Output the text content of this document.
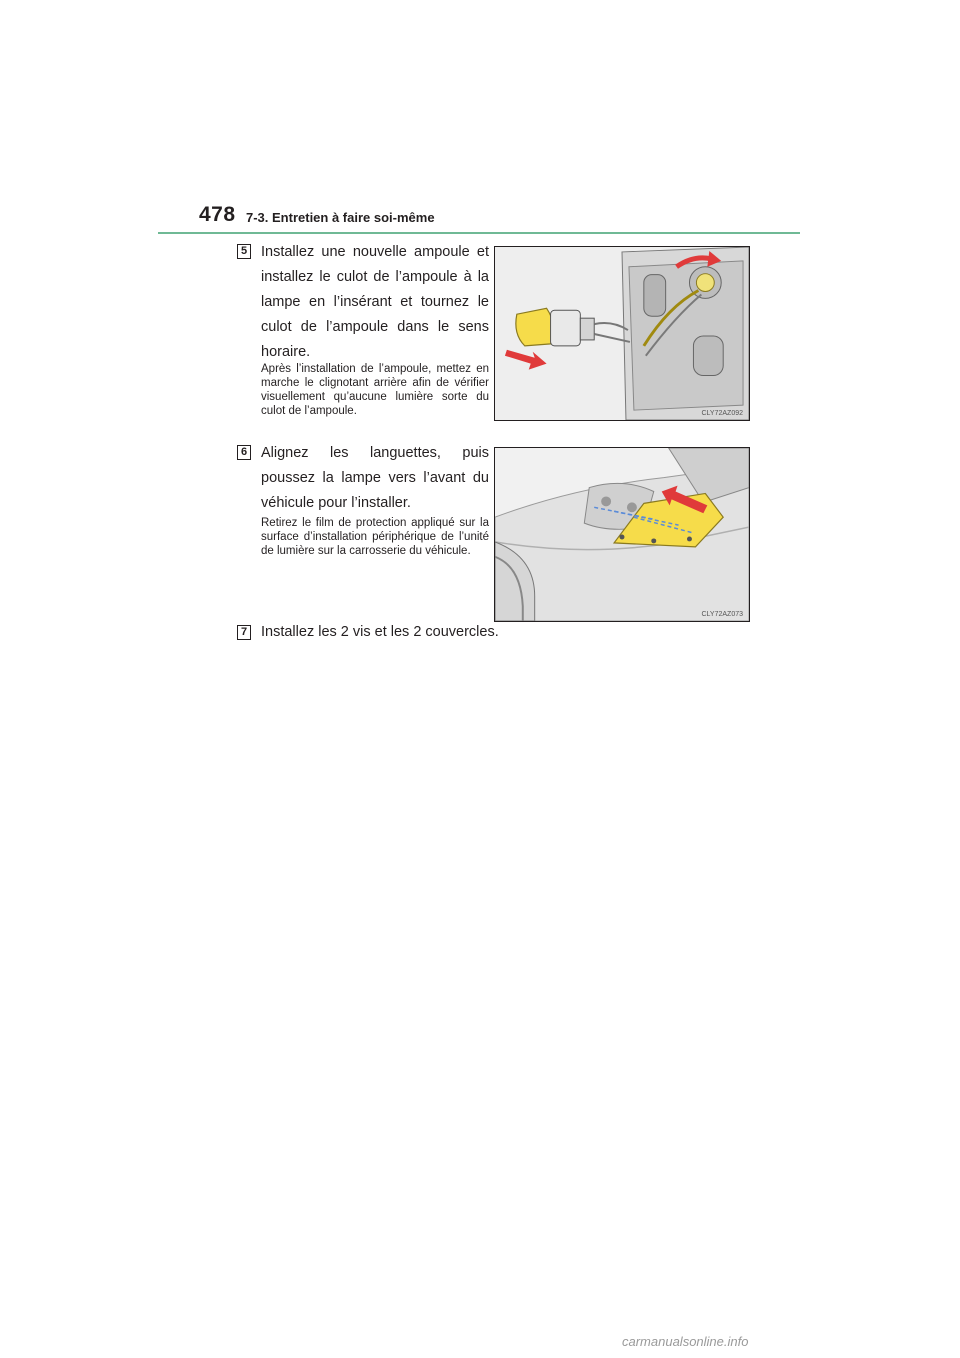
478 7-3. Entretien à faire soi-même
5 Installez une nouvelle ampoule et installez le culot de l’ampoule à la lampe en l’insérant et tournez le culot de l’ampoule dans le sens horaire.
Après l’installation de l’ampoule, mettez en marche le clignotant arrière afin de vérifier visuellement qu’aucune lumière sorte du culot de l’ampoule.	CLY72AZ092
6 Alignez les languettes, puis poussez la lampe vers l’avant du véhicule pour l’installer.
Retirez le film de protection appliqué sur la surface d’installation périphérique de l’unité de lumière sur la carrosserie du véhicule.
CLY72AZ073
7 Installez les 2 vis et les 2 couvercles.
carmanualsonline.info
